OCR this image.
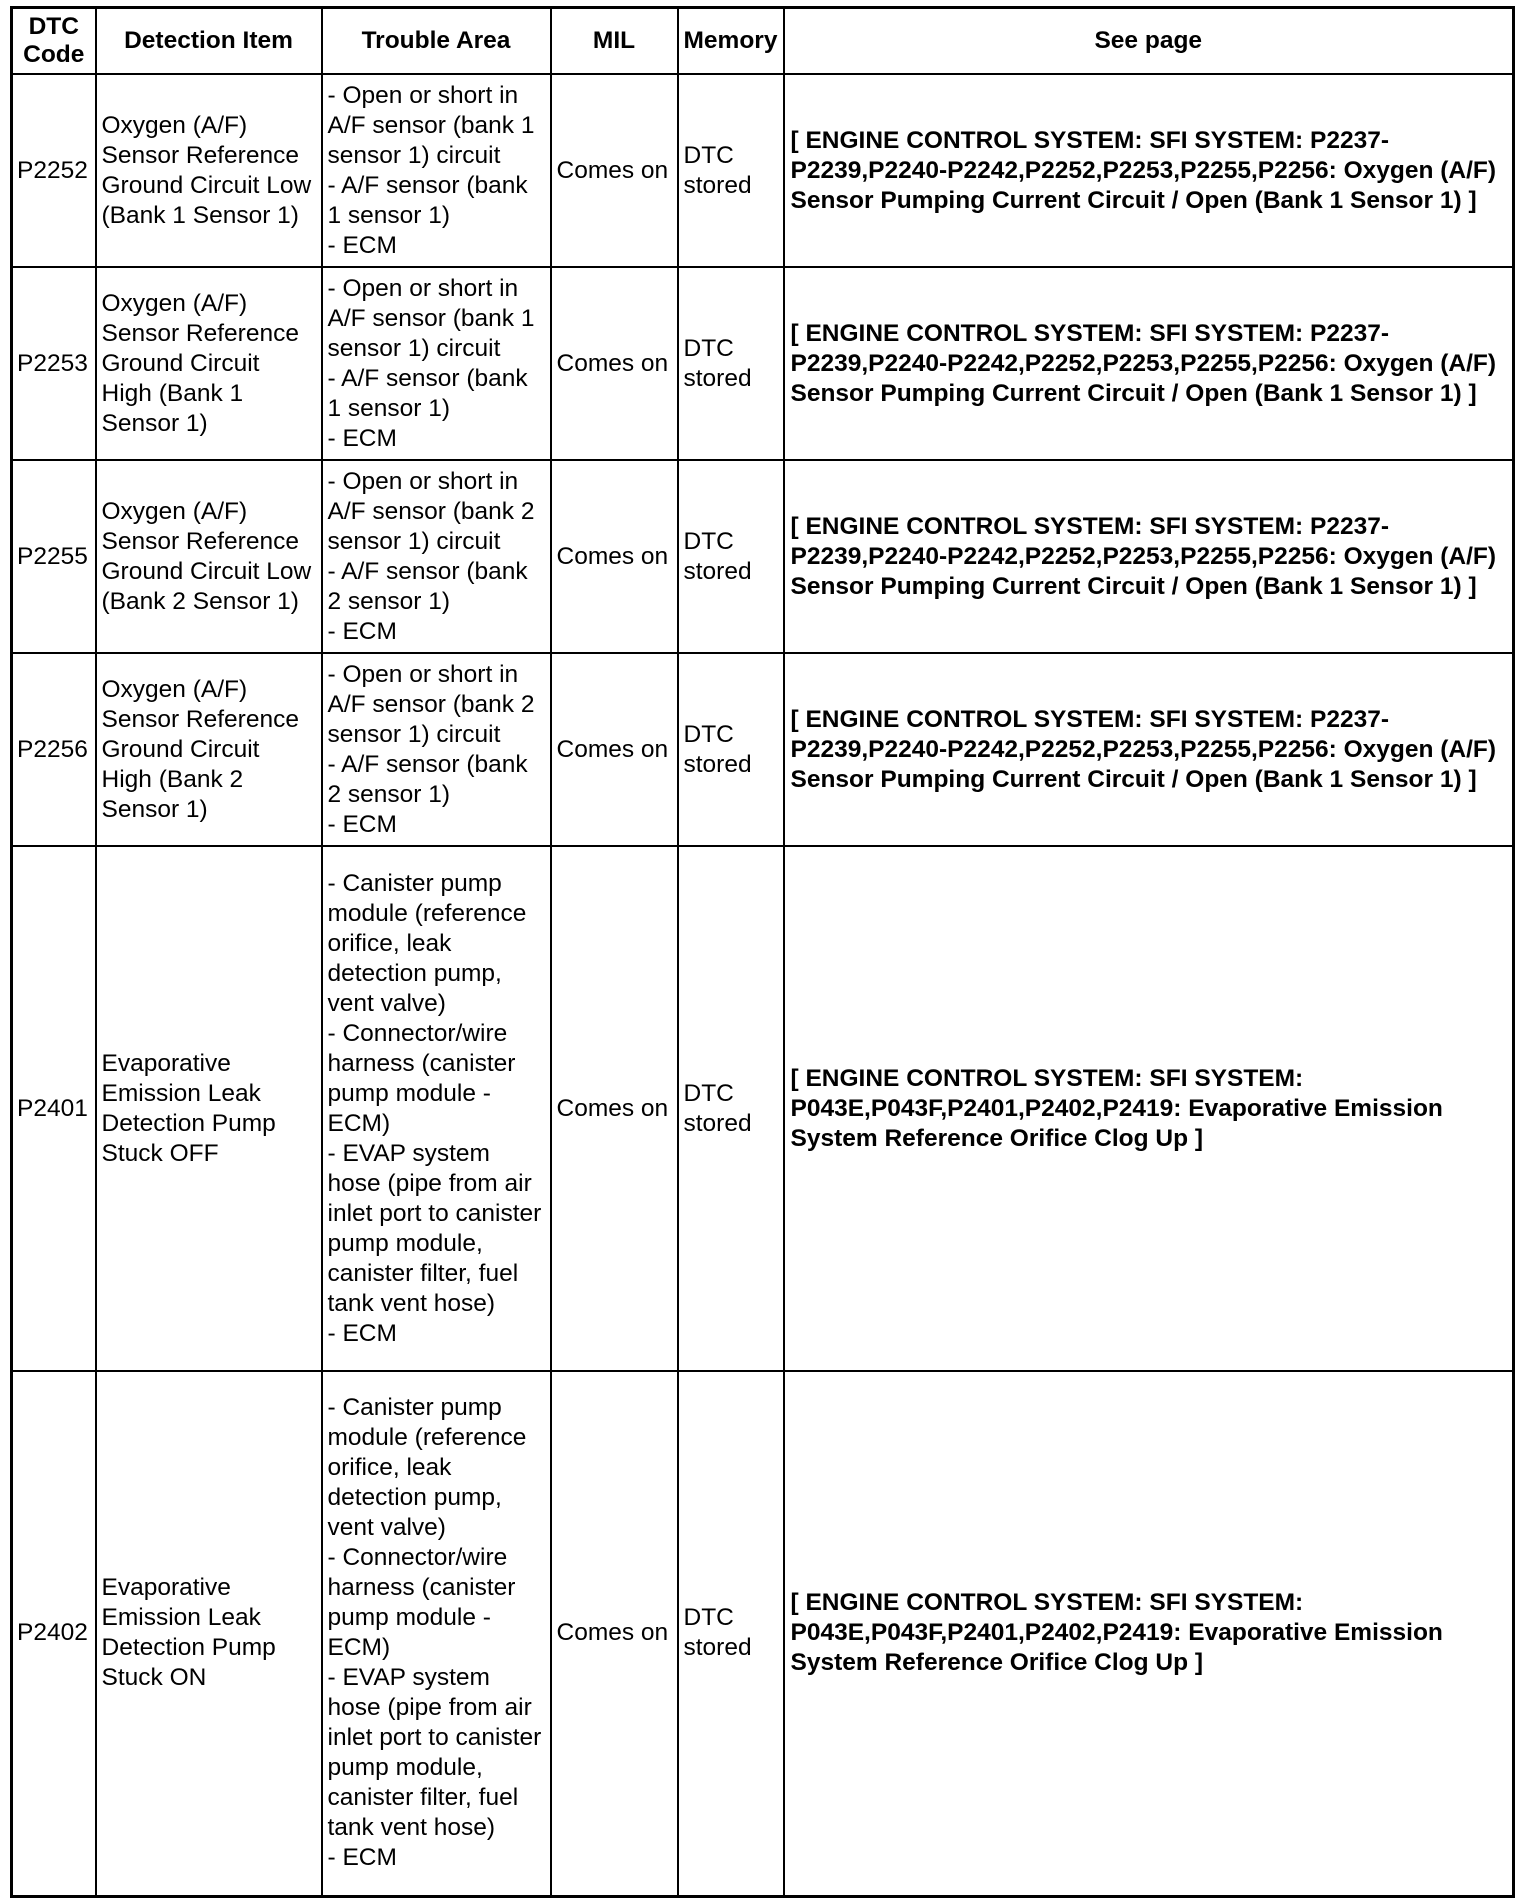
DTC Code	Detection Item	Trouble Area	MIL	Memory	See page
P2252	Oxygen (A/F) Sensor Reference Ground Circuit Low (Bank 1 Sensor 1)	- Open or short in A/F sensor (bank 1 sensor 1) circuit
- A/F sensor (bank 1 sensor 1)
- ECM	Comes on	DTC stored	[ ENGINE CONTROL SYSTEM: SFI SYSTEM: P2237-P2239,P2240-P2242,P2252,P2253,P2255,P2256: Oxygen (A/F) Sensor Pumping Current Circuit / Open (Bank 1 Sensor 1) ]
P2253	Oxygen (A/F) Sensor Reference Ground Circuit High (Bank 1 Sensor 1)	- Open or short in A/F sensor (bank 1 sensor 1) circuit
- A/F sensor (bank 1 sensor 1)
- ECM	Comes on	DTC stored	[ ENGINE CONTROL SYSTEM: SFI SYSTEM: P2237-P2239,P2240-P2242,P2252,P2253,P2255,P2256: Oxygen (A/F) Sensor Pumping Current Circuit / Open (Bank 1 Sensor 1) ]
P2255	Oxygen (A/F) Sensor Reference Ground Circuit Low (Bank 2 Sensor 1)	- Open or short in A/F sensor (bank 2 sensor 1) circuit
- A/F sensor (bank 2 sensor 1)
- ECM	Comes on	DTC stored	[ ENGINE CONTROL SYSTEM: SFI SYSTEM: P2237-P2239,P2240-P2242,P2252,P2253,P2255,P2256: Oxygen (A/F) Sensor Pumping Current Circuit / Open (Bank 1 Sensor 1) ]
P2256	Oxygen (A/F) Sensor Reference Ground Circuit High (Bank 2 Sensor 1)	- Open or short in A/F sensor (bank 2 sensor 1) circuit
- A/F sensor (bank 2 sensor 1)
- ECM	Comes on	DTC stored	[ ENGINE CONTROL SYSTEM: SFI SYSTEM: P2237-P2239,P2240-P2242,P2252,P2253,P2255,P2256: Oxygen (A/F) Sensor Pumping Current Circuit / Open (Bank 1 Sensor 1) ]
P2401	Evaporative Emission Leak Detection Pump Stuck OFF	- Canister pump module (reference orifice, leak detection pump, vent valve)
- Connector/wire harness (canister pump module - ECM)
- EVAP system hose (pipe from air inlet port to canister pump module, canister filter, fuel tank vent hose)
- ECM	Comes on	DTC stored	[ ENGINE CONTROL SYSTEM: SFI SYSTEM: P043E,P043F,P2401,P2402,P2419: Evaporative Emission System Reference Orifice Clog Up ]
P2402	Evaporative Emission Leak Detection Pump Stuck ON	- Canister pump module (reference orifice, leak detection pump, vent valve)
- Connector/wire harness (canister pump module - ECM)
- EVAP system hose (pipe from air inlet port to canister pump module, canister filter, fuel tank vent hose)
- ECM	Comes on	DTC stored	[ ENGINE CONTROL SYSTEM: SFI SYSTEM: P043E,P043F,P2401,P2402,P2419: Evaporative Emission System Reference Orifice Clog Up ]
